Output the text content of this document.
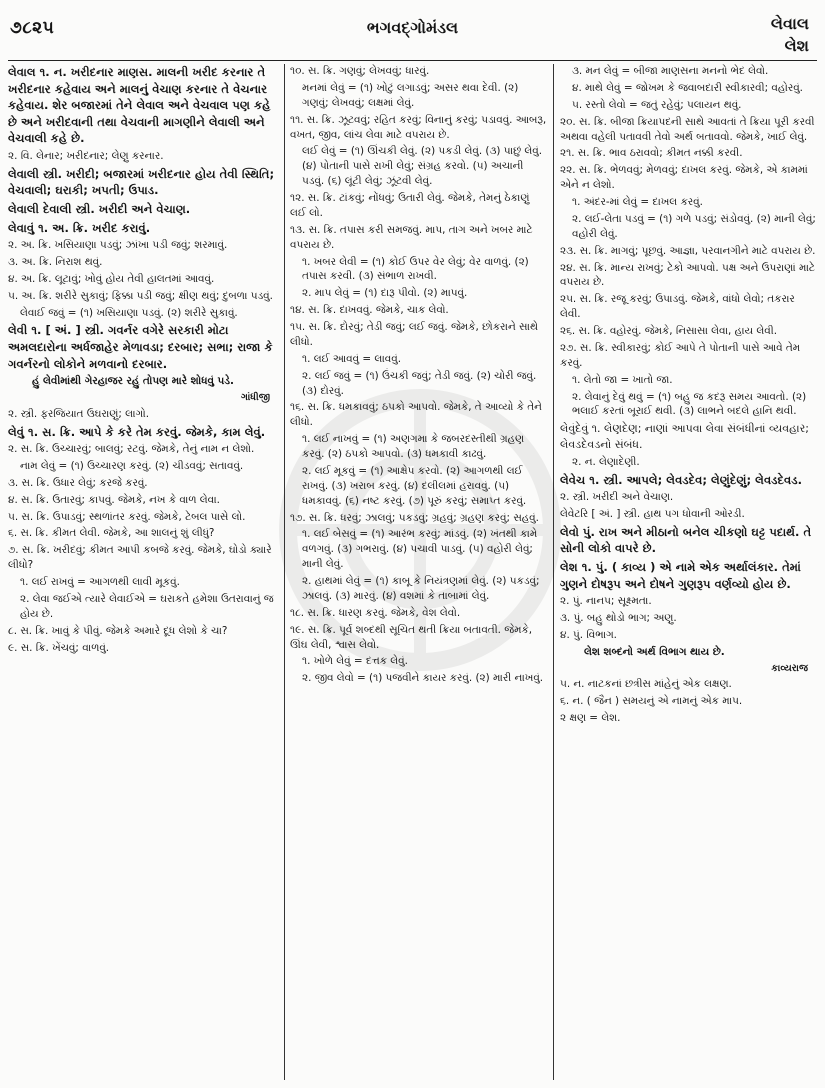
૭૮૨૫	ભગવદ્ગોમંડલ	લેવાલ
લેશ
લેવાલ ૧. ન. ખરીદનાર માણસ. માલની ખરીદ કરનાર તે ખરીદનાર કહેવાય અને માલનું વેચાણ કરનાર તે વેચનાર કહેવાય. શેર બજારમાં તેને લેવાલ અને વેચવાલ પણ કહે છે અને ખરીદવાની તથા વેચવાની માગણીને લેવાલી અને વેચવાલી કહે છે.
૨. વિ. લેનાર; ખરીદનાર; લેણુ કરનાર.
લેવાલી સ્ત્રી. ખરીદી; બજારમાં ખરીદનાર હોય તેવી સ્થિતિ; વેચવાલી; ઘરાકી; ખપતી; ઉપાડ.
લેવાલી દેવાલી સ્ત્રી. ખરીદી અને વેચાણ.
લેવાવું ૧. અ. ક્રિ. ખરીદ કરાવું.
૨. અ. ક્રિ. ખસિયાણા પડવું; ઝાંખા પડી જવું; શરમાવું.
૩. અ. ક્રિ. નિરાશ થવું.
૪. અ. ક્રિ. લૂટાવું; ખોવું હોય તેવી હાલતમાં આવવું.
૫. અ. ક્રિ. શરીરે સુકાવું; ફિક્કા પડી જવું; ક્ષીણ થવું; દુબળા પડવું.
લેવાઈ જવું = (૧) ખસિયાણા પડવું. (૨) શરીરે સુકાવું.
લેવી ૧. [ અં. ] સ્ત્રી. ગવર્નર વગેરે સરકારી મોટા અમલદારોના અર્ધજાહેર મેળાવડા; દરબાર; સભા; રાજા કે ગવર્નરનો લોકોને મળવાનો દરબાર.
હું લેવીમાંથી ગેરહાજર રહું તોપણ મારે શોધવું પડે.
ગાંધીજી
૨. સ્ત્રી. ફરજિયાત ઉઘરાણું; લાગો.
લેવું ૧. સ. ક્રિ. આપે કે કરે તેમ કરવું. જેમકે, કામ લેવું.
૨. સ. ક્રિ. ઉચ્ચારવું; બાલવું; રટવું. જેમકે, તેનું નામ ન લેશો.
નામ લેવું = (૧) ઉચ્ચારણ કરવું. (૨) ચીડવવું; સતાવવું.
૩. સ. ક્રિ. ઉધાર લેવું; કરજે કરવું.
૪. સ. ક્રિ. ઉતારવું; કાપવું. જેમકે, નખ કે વાળ લેવા.
૫. સ. ક્રિ. ઉપાડવું; સ્થળાંતર કરવું. જેમકે, ટેબલ પાસે લો.
૬. સ. ક્રિ. કીમત લેવી. જેમકે, આ શાલનું શું લીધું?
૭. સ. ક્રિ. ખરીદવું; કીમત આપી કબજે કરવું. જેમકે, ઘોડો ક્યારે લીધો?
૧. લઈ રાખવું = આગળથી લાવી મૂકવું.
૨. લેવા જઈએ ત્યારે લેવાઈએ = ઘરાકતે હમેશા ઉતરાવાનું જ હોય છે.
૮. સ. ક્રિ. ખાવું કે પીવું. જેમકે અમારે દૂધ લેશો કે ચા?
૯. સ. ક્રિ. ખેંચવું; વાળવું.
૧૦. સ. ક્રિ. ગણવું; લેખવવું; ધારવું.
મનમાં લેવું = (૧) ખોટું લગાડવું; અસર થવા દેવી. (૨) ગણવું; લેખવવું; લક્ષમાં લેવું.
૧૧. સ. ક્રિ. ઝૂટવવું; રહિત કરવું; વિનાનું કરવું; પડાવવું. આબરૂ, વખત, જીવ, લાંચ લેવા માટે વપરાય છે.
લઈ લેવું = (૧) ઊંચકી લેવું. (૨) પકડી લેવું. (૩) પાછું લેવું. (૪) પોતાની પાસે રાખી લેવું; સંગ્રહ કરવો. (૫) અચાની પડવું. (૬) લૂંટી લેવું; ઝૂંટવી લેવું.
૧૨. સ. ક્રિ. ટાંકવું; નોંધવું; ઉતારી લેવું. જેમકે, તેમનું ઠેકાણું લઈ લો.
૧૩. સ. ક્રિ. તપાસ કરી સમજવું. માપ, તાગ અને ખબર માટે વપરાય છે.
૧. ખબર લેવી = (૧) કોઈ ઉપર વેર લેવું; વેર વાળવું. (૨) તપાસ કરવી. (૩) સંભાળ રાખવી.
૨. માપ લેવું = (૧) દારૂ પીવો. (૨) માપવું.
૧૪. સ. ક્રિ. દાખવવું. જેમકે, ચાક લેવો.
૧૫. સ. ક્રિ. દોરવું; તેડી જવું; લઈ જવું. જેમકે, છોકરાને સાથે લીધો.
૧. લઈ આવવું = લાવવું.
૨. લઈ જવું = (૧) ઉંચકી જવું; તેડી જવું. (૨) ચોરી જવું. (૩) દોરવું.
૧૬. સ. ક્રિ. ધમકાવવું; ઠપકો આપવો. જેમકે, તે આવ્યો કે તેને લીધો.
૧. લઈ નાખવું = (૧) અણગમા કે જબરદસ્તીથી ગ્રહણ કરવું. (૨) ઠપકો આપવો. (૩) ધમકાવી કાઢવું.
૨. લઈ મૂકવું = (૧) આક્ષેપ કરવો. (૨) આગળથી લઈ રાખવું. (૩) ખરાબ કરવું. (૪) દલીલમાં હરાવવું. (૫) ધમકાવવું. (૬) નષ્ટ કરવું. (૭) પૂરું કરવું; સમાપ્ત કરવું.
૧૭. સ. ક્રિ. ધરવું; ઝાલવું; પકડવું; ગ્રહવું; ગ્રહણ કરવું; સહવું.
૧. લઈ બેસવું = (૧) આરંભ કરવું; માંડવું. (૨) ખંતથી કામે વળગવું. (૩) ગભરાવું. (૪) પચાવી પાડવું. (૫) વહોરી લેવું; માની લેવું.
૨. હાથમાં લેવું = (૧) કાબૂ કે નિયંત્રણમાં લેવું. (૨) પકડવું; ઝાલવું. (૩) મારવું. (૪) વશમાં કે તાબામાં લેવું.
૧૮. સ. ક્રિ. ધારણ કરવું. જેમકે, વેશ લેવો.
૧૯. સ. ક્રિ. પૂર્વ શબ્દથી સૂચિત થતી ક્રિયા બતાવતી. જેમકે, ઊંઘ લેવી, શ્વાસ લેવો.
૧. ખોળે લેવું = દત્તક લેવું.
૨. જીવ લેવો = (૧) પજવીને કાયર કરવું. (૨) મારી નાખવું.
૩. મન લેવું = બીજા માણસના મનનો ભેદ લેવો.
૪. માથે લેવું = જોખમ કે જવાબદારી સ્વીકારવી; વહોરવું.
૫. રસ્તો લેવો = જતું રહેવું; પલાયન થવું.
૨૦. સ. ક્રિ. બીજા ક્રિયાપદની સાથે આવતાં તે ક્રિયા પૂરી કરવી અથવા વહેલી પતાવવી તેવો અર્થ બતાવવો. જેમકે, ખાઈ લેવું.
૨૧. સ. ક્રિ. ભાવ ઠરાવવો; કીમત નક્કી કરવી.
૨૨. સ. ક્રિ. ભેળવવું; મેળવવું; દાખલ કરવું. જેમકે, એ કામમાં એને ન લેશો.
૧. અંદર-માં લેવું = દાખલ કરવું.
૨. લઈ-લેતા પડવું = (૧) ગળે પડવું; સંડોવવું. (૨) માની લેવું; વહોરી લેવું.
૨૩. સ. ક્રિ. માગવું; પૂછવું. આજ્ઞા, પરવાનગીને માટે વપરાય છે.
૨૪. સ. ક્રિ. માન્ય રાખવું; ટેકો આપવો. પક્ષ અને ઉપરાણાં માટે વપરાય છે.
૨૫. સ. ક્રિ. રજૂ કરવું; ઉપાડવું. જેમકે, વાંધો લેવો; તકરાર લેવી.
૨૬. સ. ક્રિ. વહોરવું. જેમકે, નિસાસા લેવા, હાય લેવી.
૨૭. સ. ક્રિ. સ્વીકારવું; કોઈ આપે તે પોતાની પાસે આવે તેમ કરવું.
૧. લેતો જા = ખાતો જા.
૨. લેવાનું દેવું થવું = (૧) બહુ જ કદરૂ સમય આવતો. (૨) ભલાઈ કરતાં બૂરાઈ થવી. (૩) લાભને બદલે હાનિ થવી.
લેવુંદેવું ૧. લેણદેણ; નાણાં આપવા લેવા સંબંધીનાં વ્યવહાર; લેવડદેવડનો સંબંધ.
૨. ન. લેણાદેણી.
લેવેચ ૧. સ્ત્રી. આપલે; લેવડદેવ; લેણુંદેણું; લેવડદેવડ.
૨. સ્ત્રી. ખરીદી અને વેચાણ.
લેવેટરિ [ અં. ] સ્ત્રી. હાથ પગ ધોવાની ઓરડી.
લેવો પું. રાખ અને મીઠાનો બનેલ ચીકણો ઘટ્ટ પદાર્થ. તે સોની લોકો વાપરે છે.
લેશ ૧. પું. ( કાવ્ય ) એ નામે એક અર્થાલંકાર. તેમાં ગુણને દોષરૂપ અને દોષને ગુણરૂપ વર્ણવ્યો હોય છે.
૨. પું. નાનપ; સૂક્ષ્મતા.
૩. પું. બહુ થોડો ભાગ; અણુ.
૪. પું. વિભાગ.
લેશ શબ્દનો અર્થ વિભાગ થાય છે.
કાવ્યરાજ
૫. ન. નાટકનાં છત્રીસ માંહેનું એક લક્ષણ.
૬. ન. ( જૈન ) સમયનું એ નામનું એક માપ.
૨ ક્ષણ = લેશ.
